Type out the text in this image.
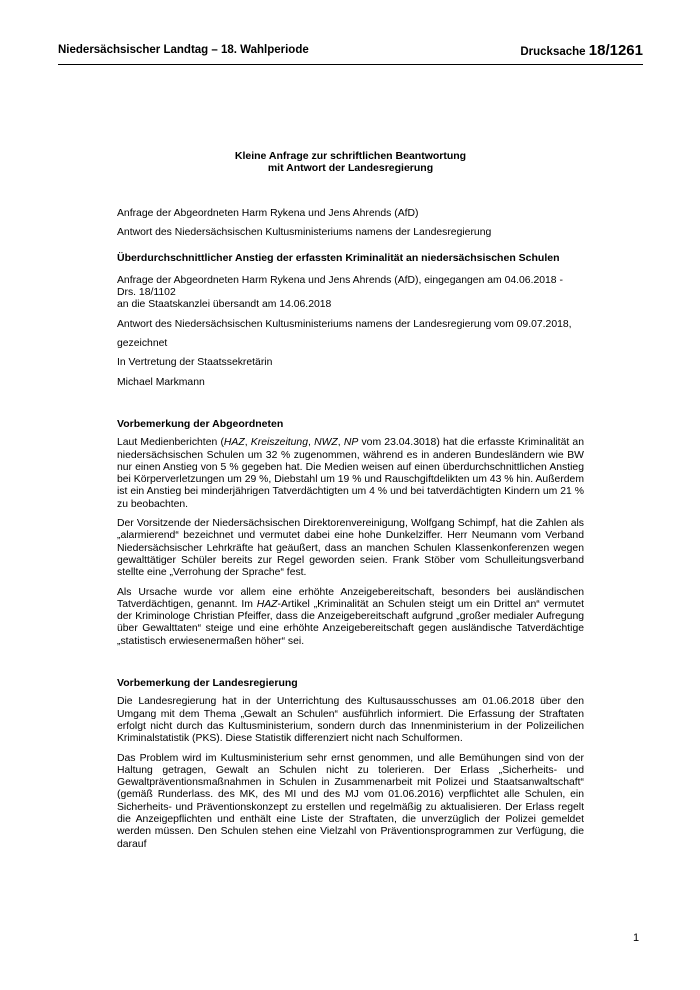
Niedersächsischer Landtag – 18. Wahlperiode	Drucksache 18/1261
Kleine Anfrage zur schriftlichen Beantwortung
mit Antwort der Landesregierung

Anfrage der Abgeordneten Harm Rykena und Jens Ahrends (AfD)

Antwort des Niedersächsischen Kultusministeriums namens der Landesregierung

Überdurchschnittlicher Anstieg der erfassten Kriminalität an niedersächsischen Schulen

Anfrage der Abgeordneten Harm Rykena und Jens Ahrends (AfD), eingegangen am 04.06.2018 - Drs. 18/1102
an die Staatskanzlei übersandt am 14.06.2018

Antwort des Niedersächsischen Kultusministeriums namens der Landesregierung vom 09.07.2018,

gezeichnet

In Vertretung der Staatssekretärin

Michael Markmann

Vorbemerkung der Abgeordneten

Laut Medienberichten (HAZ, Kreiszeitung, NWZ, NP vom 23.04.3018) hat die erfasste Kriminalität an niedersächsischen Schulen um 32 % zugenommen, während es in anderen Bundesländern wie BW nur einen Anstieg von 5 % gegeben hat. Die Medien weisen auf einen überdurchschnittlichen Anstieg bei Körperverletzungen um 29 %, Diebstahl um 19 % und Rauschgiftdelikten um 43 % hin. Außerdem ist ein Anstieg bei minderjährigen Tatverdächtigten um 4 % und bei tatverdächtigten Kindern um 21 % zu beobachten.

Der Vorsitzende der Niedersächsischen Direktorenvereinigung, Wolfgang Schimpf, hat die Zahlen als „alarmierend“ bezeichnet und vermutet dabei eine hohe Dunkelziffer. Herr Neumann vom Verband Niedersächsischer Lehrkräfte hat geäußert, dass an manchen Schulen Klassenkonferenzen wegen gewalttätiger Schüler bereits zur Regel geworden seien. Frank Stöber vom Schulleitungsverband stellte eine „Verrohung der Sprache“ fest.

Als Ursache wurde vor allem eine erhöhte Anzeigebereitschaft, besonders bei ausländischen Tatverdächtigen, genannt. Im HAZ-Artikel „Kriminalität an Schulen steigt um ein Drittel an“ vermutet der Kriminologe Christian Pfeiffer, dass die Anzeigebereitschaft aufgrund „großer medialer Aufregung über Gewalttaten“ steige und eine erhöhte Anzeigebereitschaft gegen ausländische Tatverdächtige „statistisch erwiesenermaßen höher“ sei.

Vorbemerkung der Landesregierung

Die Landesregierung hat in der Unterrichtung des Kultusausschusses am 01.06.2018 über den Umgang mit dem Thema „Gewalt an Schulen“ ausführlich informiert. Die Erfassung der Straftaten erfolgt nicht durch das Kultusministerium, sondern durch das Innenministerium in der Polizeilichen Kriminalstatistik (PKS). Diese Statistik differenziert nicht nach Schulformen.

Das Problem wird im Kultusministerium sehr ernst genommen, und alle Bemühungen sind von der Haltung getragen, Gewalt an Schulen nicht zu tolerieren. Der Erlass „Sicherheits- und Gewaltpräventionsmaßnahmen in Schulen in Zusammenarbeit mit Polizei und Staatsanwaltschaft“ (gemäß Runderlass. des MK, des MI und des MJ vom 01.06.2016) verpflichtet alle Schulen, ein Sicherheits- und Präventionskonzept zu erstellen und regelmäßig zu aktualisieren. Der Erlass regelt die Anzeigepflichten und enthält eine Liste der Straftaten, die unverzüglich der Polizei gemeldet werden müssen. Den Schulen stehen eine Vielzahl von Präventionsprogrammen zur Verfügung, die darauf

1
